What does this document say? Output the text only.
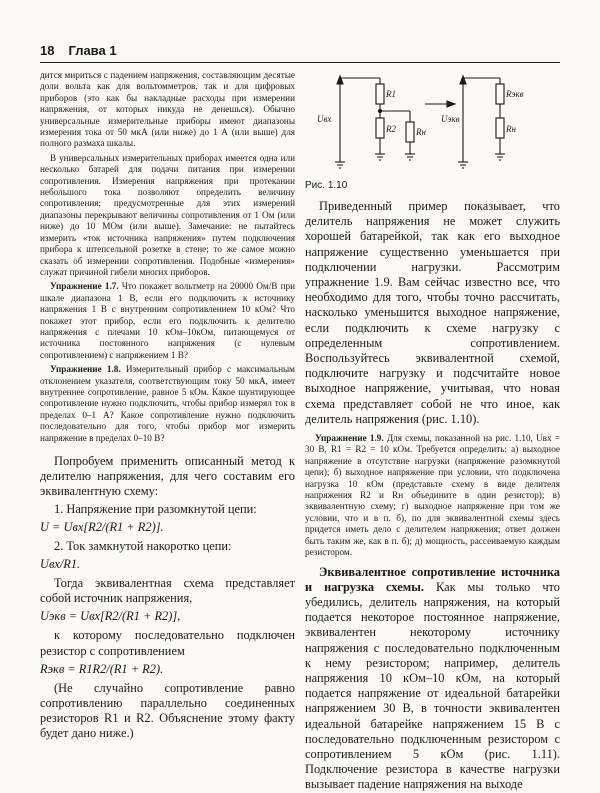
18 Глава 1

дится мириться с падением напряжения, составляющим десятые доли вольта как для вольтомметров, так и для цифровых приборов (это как бы накладные расходы при измерении напряжения, от которых никуда не денешься). Обычно универсальные измерительные приборы имеют диапазоны измерения тока от 50 мкА (или ниже) до 1 А (или выше) для полного размаха шкалы.

В универсальных измерительных приборах имеется одна или несколько батарей для подачи питания при измерении сопротивления. Измерения напряжения при протекании небольшого тока позволяют определить величину сопротивления; предусмотренные для этих измерений диапазоны перекрывают величины сопротивления от 1 Ом (или ниже) до 10 МОм (или выше). Замечание: не пытайтесь измерить «ток источника напряжения» путем подключения прибора к штепсельной розетке в стене; то же самое можно сказать об измерении сопротивления. Подобные «измерения» служат причиной гибели многих приборов.

Упражнение 1.7. Что покажет вольтметр на 20000 Ом/В при шкале диапазона 1 В, если его подключить к источнику напряжения 1 В с внутренним сопротивлением 10 кОм? Что покажет этот прибор, если его подключить к делителю напряжения с плечами 10 кОм–10кОм, питающемуся от источника постоянного напряжения (с нулевым сопротивлением) с напряжением 1 В?

Упражнение 1.8. Измерительный прибор с максимальным отклонением указателя, соответствующим току 50 мкА, имеет внутреннее сопротивление, равное 5 кОм. Какое шунтирующее сопротивление нужно подключить, чтобы прибор измерял ток в пределах 0–1 А? Какое сопротивление нужно подключить последовательно для того, чтобы прибор мог измерить напряжение в пределах 0–10 В?

Попробуем применить описанный метод к делителю напряжения, для чего составим его эквивалентную схему:

1. Напряжение при разомкнутой цепи:

U = Uвх[R2/(R1 + R2)].

2. Ток замкнутой накоротко цепи:

Uвх/R1.

Тогда эквивалентная схема представляет собой источник напряжения,

Uэкв = Uвх[R2/(R1 + R2)],

к которому последовательно подключен резистор с сопротивлением

Rэкв = R1R2/(R1 + R2).

(Не случайно сопротивление равно сопротивлению параллельно соединенных резисторов R1 и R2. Объяснение этому факту будет дано ниже.)

R1
R2 Rн
Uвх	Uэкв
Rэкв
Rн

Рис. 1.10

Приведенный пример показывает, что делитель напряжения не может служить хорошей батарейкой, так как его выходное напряжение существенно уменьшается при подключении нагрузки. Рассмотрим упражнение 1.9. Вам сейчас известно все, что необходимо для того, чтобы точно рассчитать, насколько уменьшится выходное напряжение, если подключить к схеме нагрузку с определенным сопротивлением. Воспользуйтесь эквивалентной схемой, подключите нагрузку и подсчитайте новое выходное напряжение, учитывая, что новая схема представляет собой не что иное, как делитель напряжения (рис. 1.10).

Упражнение 1.9. Для схемы, показанной на рис. 1.10, Uвх = 30 В, R1 = R2 = 10 кОм. Требуется определить: а) выходное напряжение в отсутствие нагрузки (напряжение разомкнутой цепи); б) выходное напряжение при условии, что подключена нагрузка 10 кОм (представьте схему в виде делителя напряжения R2 и Rн объедините в один резистор); в) эквивалентную схему; г) выходное напряжение при том же условии, что и в п. б), по для эквивалентной схемы здесь придется иметь дело с делителем напряжения; ответ должен быть таким же, как в п. б); д) мощность, рассеиваемую каждым резистором.

Эквивалентное сопротивление источника и нагрузка схемы. Как мы только что убедились, делитель напряжения, на который подается некоторое постоянное напряжение, эквивалентен некоторому источнику напряжения с последовательно подключенным к нему резистором; например, делитель напряжения 10 кОм–10 кОм, на который подается напряжение от идеальной батарейки напряжением 30 В, в точности эквивалентен идеальной батарейке напряжением 15 В с последовательно подключенным резистором с сопротивлением 5 кОм (рис. 1.11). Подключение резистора в качестве нагрузки вызывает падение напряжения на выходе
